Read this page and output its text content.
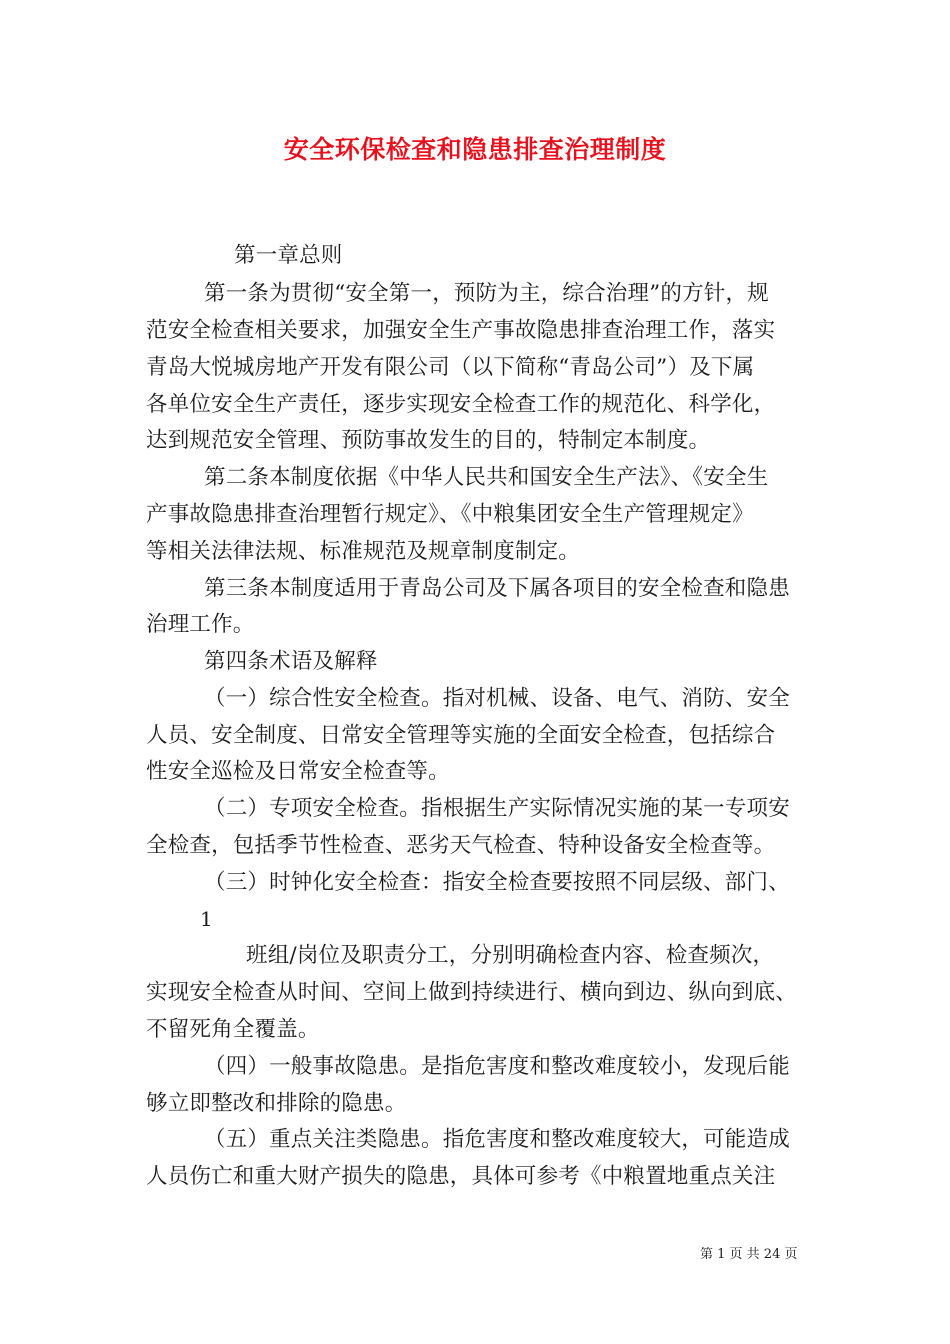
安全环保检查和隐患排查治理制度
第一章总则
第一条为贯彻“安全第一，预防为主，综合治理”的方针，规
范安全检查相关要求，加强安全生产事故隐患排查治理工作，落实
青岛大悦城房地产开发有限公司（以下简称“青岛公司”）及下属
各单位安全生产责任，逐步实现安全检查工作的规范化、科学化，
达到规范安全管理、预防事故发生的目的，特制定本制度。
第二条本制度依据《中华人民共和国安全生产法》、《安全生
产事故隐患排查治理暂行规定》、《中粮集团安全生产管理规定》
等相关法律法规、标准规范及规章制度制定。
第三条本制度适用于青岛公司及下属各项目的安全检查和隐患
治理工作。
第四条术语及解释
（一）综合性安全检查。指对机械、设备、电气、消防、安全
人员、安全制度、日常安全管理等实施的全面安全检查，包括综合
性安全巡检及日常安全检查等。
（二）专项安全检查。指根据生产实际情况实施的某一专项安
全检查，包括季节性检查、恶劣天气检查、特种设备安全检查等。
（三）时钟化安全检查：指安全检查要按照不同层级、部门、
1
班组/岗位及职责分工，分别明确检查内容、检查频次，
实现安全检查从时间、空间上做到持续进行、横向到边、纵向到底、
不留死角全覆盖。
（四）一般事故隐患。是指危害度和整改难度较小，发现后能
够立即整改和排除的隐患。
（五）重点关注类隐患。指危害度和整改难度较大，可能造成
人员伤亡和重大财产损失的隐患，具体可参考《中粮置地重点关注
第 1 页 共 24 页
